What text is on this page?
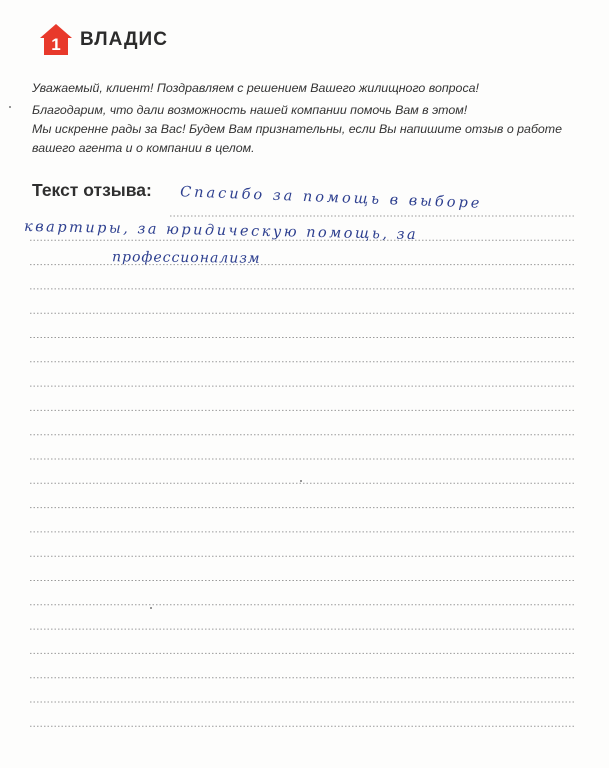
1 ВЛАДИС

Уважаемый, клиент! Поздравляем с решением Вашего жилищного вопроса!

Благодарим, что дали возможность нашей компании помочь Вам в этом!

Мы искренне рады за Вас! Будем Вам признательны, если Вы напишите отзыв о работе

вашего агента и о компании в целом.

Текст отзыва: Спасибо за помощь в выборе
квартиры, за юридическую помощь, за
профессионализм
